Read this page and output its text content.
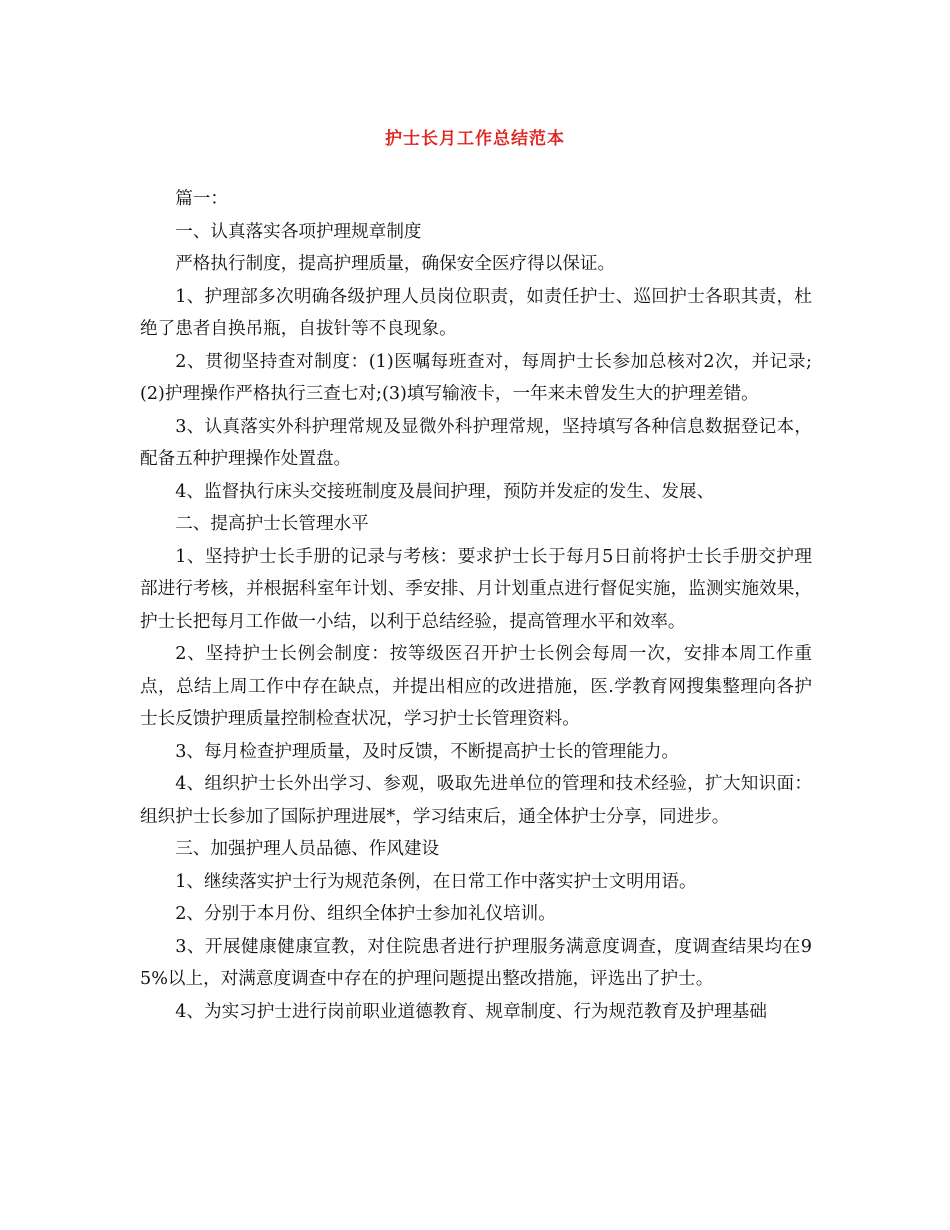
护士长月工作总结范本

篇一：

一、认真落实各项护理规章制度

严格执行制度，提高护理质量，确保安全医疗得以保证。

1、护理部多次明确各级护理人员岗位职责，如责任护士、巡回护士各职其责，杜绝了患者自换吊瓶，自拔针等不良现象。

2、贯彻坚持查对制度：(1)医嘱每班查对，每周护士长参加总核对2次，并记录;(2)护理操作严格执行三查七对;(3)填写输液卡，一年来未曾发生大的护理差错。

3、认真落实外科护理常规及显微外科护理常规，坚持填写各种信息数据登记本，配备五种护理操作处置盘。

4、监督执行床头交接班制度及晨间护理，预防并发症的发生、发展、

二、提高护士长管理水平

1、坚持护士长手册的记录与考核：要求护士长于每月5日前将护士长手册交护理部进行考核，并根据科室年计划、季安排、月计划重点进行督促实施，监测实施效果，护士长把每月工作做一小结，以利于总结经验，提高管理水平和效率。

2、坚持护士长例会制度：按等级医召开护士长例会每周一次，安排本周工作重点，总结上周工作中存在缺点，并提出相应的改进措施，医.学教育网搜集整理向各护士长反馈护理质量控制检查状况，学习护士长管理资料。

3、每月检查护理质量，及时反馈，不断提高护士长的管理能力。

4、组织护士长外出学习、参观，吸取先进单位的管理和技术经验，扩大知识面：组织护士长参加了国际护理进展*，学习结束后，通全体护士分享，同进步。

三、加强护理人员品德、作风建设

1、继续落实护士行为规范条例，在日常工作中落实护士文明用语。

2、分别于本月份、组织全体护士参加礼仪培训。

3、开展健康健康宣教，对住院患者进行护理服务满意度调查，度调查结果均在95%以上，对满意度调查中存在的护理问题提出整改措施，评选出了护士。

4、为实习护士进行岗前职业道德教育、规章制度、行为规范教育及护理基础
